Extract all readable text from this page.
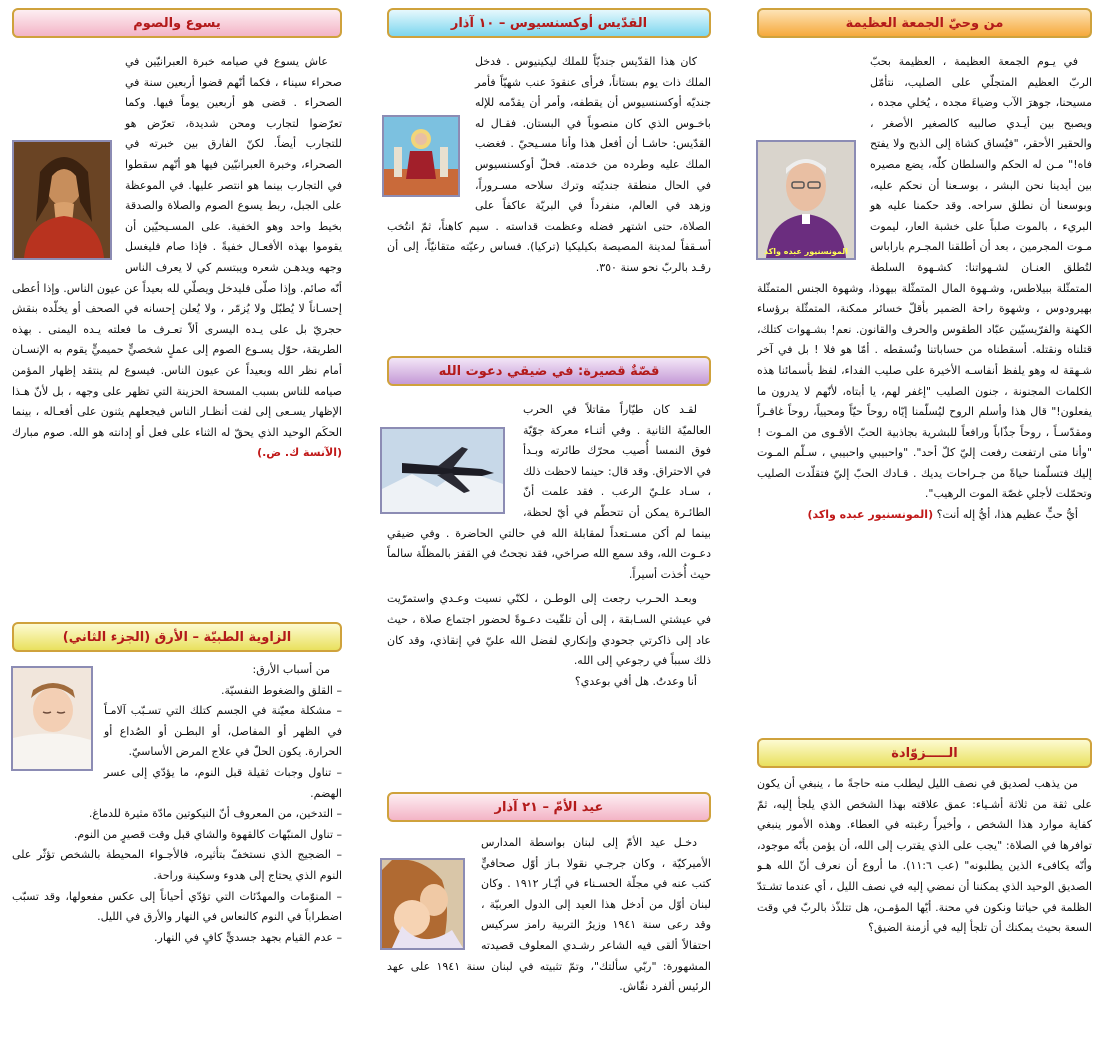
من وحيّ الجمعة العظيمة
المونسنيور عبده واكد

في يـوم الجمعة العظيمة ، العظيمة بحبّ الربّ العظيم المتجلّي على الصليب، نتأمّل مسيحنا، جوهرَ الآب وضياءَ مجده ، يُخلي مجده ، ويصبح بين أيـدي صالبيه كالصغير الأصغر ، والحقير الأحقر، "فيُساق كشاة إلى الذبح ولا يفتح فاه!" مـن له الحكم والسلطان كلّه، يضع مصيره بين أيدينا نحن البشر ، بوسـعنا أن نحكم عليه، وبوسعنا أن نطلق سراحه. وقد حكمنا عليه هو البريء ، بالموت صلباً على خشبة العار، ليموت مـوت المجرمين ، بعد أن أطلقنا المجـرم باراباس لتُطلق العنـان لشـهواتنا: كشـهوة السلطة المتمثّلة ببيلاطس، وشـهوة المال المتمثّلة بيهوذا، وشهوة الجنس المتمثّلة بهيرودوس ، وشهوة راحة الضمير بأقلّ خسائر ممكنة، المتمثّلة برؤساء الكهنة والفرّيسيّين عبّاد الطقوس والحرف والقانون. نعم! بشـهوات كتلك، قتلناه ونقتله. أسقطناه من حساباتنا ونُسقطه . أمّا هو فلا ! بل في آخر شـهقة له وهو يلفظ أنفاسـه الأخيرة على صليب الفداء، لفظ بأسمائنا هذه الكلمات المجنونة ، جنون الصليب "إغفر لهم، يا أبتاه، لأنّهم لا يدرون ما يفعلون!" قال هذا وأسلم الروح ليُسلّمنا إيّاه روحاً حيّاً ومحيياً، روحاً غافـراً ومقدّسـاً ، روحاً جذّاباً ورافعاً للبشرية بجاذبية الحبّ الأقـوى من المـوت ! "وأنا متى ارتفعت رفعت إليّ كلّ أحد". "واحبيبي واحبيبي ، سـلّم المـوت إليك فتسلّمنا حياةً من جـراحات يديك . قـادك الحبّ إليّ فتقلّدت الصليب وتحمّلت لأجلي غصّة الموت الرهيب".

أيُّ حبٍّ عظيم هذا، أيُّ إله أنت؟ (المونسنيور عبده واكد)

الـــــزوّادة

من يذهب لصديق في نصف الليل ليطلب منه حاجةً ما ، ينبغي أن يكون على ثقة من ثلاثة أشـياء: عمق علاقته بهذا الشخص الذي يلجأ إليه، ثمّ كفاية موارد هذا الشخص ، وأخيراً رغبته في العطاء. وهذه الأمور ينبغي توافرها في الصلاة: "يجب على الذي يقترب إلى الله، أن يؤمن بأنّه موجود، وأنّه يكافىء الذين يطلبونه" (عب ١١:٦). ما أروع أن نعرف أنّ الله هـو الصديق الوحيد الذي يمكننا أن نمضي إليه في نصف الليل ، أي عندما تشـتدّ الظلمة في حياتنا ونكون في محنة. أيّها المؤمـن، هل تتلذّذ بالربّ في وقت السعة بحيث يمكنك أن تلجأ إليه في أزمنة الضيق؟

القدّيس أوكسنسيوس – ١٠ آذار

كان هذا القدّيس جنديّاً للملك ليكينيوس . فدخل الملك ذات يوم بستاناً، فرأى عنقودَ عنب شهيّاً فأمر جنديّه أوكسنسيوس أن يقطفه، وأمر أن يقدّمه للإله باخـوس الذي كان منصوباً في البستان. فقـال له القدّيس: حاشـا أن أفعل هذا وأنا مسـيحيّ . فغضب الملك عليه وطرده من خدمته. فحلّ أوكسنسيوس في الحال منطقة جنديّته وترك سلاحه مسـروراً، وزهد في العالم، منفرداً في البريّة عاكفاً على الصلاة، حتى اشتهر فضله وعظمت قداسته . سيم كاهناً، ثمّ انتُخب أسـقفاً لمدينة المصيصة بكيليكيا (تركيا). فساس رعيّته متقانيّاً، إلى أن رقـد بالربّ نحو سنة ٣٥٠.

قصّةٌ قصيرة: في ضيقي دعوت الله

لقـد كان طيّاراً مقاتلاً في الحرب العالميّة الثانية . وفي أثنـاء معركة جوّيّة فوق النمسا أُصيب محرّك طائرته وبـدأ في الاحتراق. وقد قال: حينما لاحظت ذلك ، سـاد علـيّ الرعب . فقد علمت أنّ الطائـرة يمكن أن تتحطّم في أيّ لحظة، بينما لم أكن مسـتعداً لمقابلة الله في حالتي الحاضرة . وفي ضيقي دعـوت الله، وقد سمع الله صراخي، فقد نجحتُ في القفز بالمظلّة سالماً حيث أُخذت أسيراً.

وبعـد الحـرب رجعت إلى الوطـن ، لكنّي نسيت وعـدي واستمرّيت في عيشتي السـابقة ، إلى أن تلقّيت دعـوةً لحضور اجتماع صلاة ، حيث عاد إلى ذاكرتي جحودي وإنكاري لفضل الله عليّ في إنقاذي، وقد كان ذلك سبباً في رجوعي إلى الله.

أنا وعدتُ. هل أفي بوعدي؟

عيد الأمّ – ٢١ آذار

دخـل عيد الأمّ إلى لبنان بواسطة المدارس الأميركيّة ، وكان جرجـي نقولا بـاز أوّل صحافيٍّ كتب عنه في مجلّة الحسـناء في أيّـار ١٩١٢ . وكان لبنان أوّل من أدخل هذا العيد إلى الدول العربيّة ، وقد رعى سنة ١٩٤١ وزيرُ التربية رامز سركيس احتفالاً ألقى فيه الشاعر رشـدي المعلوف قصيدته المشهورة: "ربّي سألتك"، وتمّ تثبيته في لبنان سنة ١٩٤١ على عهد الرئيس ألفرد نقّاش.

يسوع والصوم

عاش يسوع في صيامه خبرة العبرانيّين في صحراء سيناء ، فكما أنّهم قضوا أربعين سنة في الصحراء . قضى هو أربعين يوماً فيها. وكما تعرّضوا لتجارب ومحن شديدة، تعرّض هو للتجارب أيضاً. لكنّ الفارق بين خبرته في الصحراء، وخبرة العبرانيّين فيها هو أنّهم سقطوا في التجارب بينما هو انتصر عليها. في الموعظة على الجبل، ربط يسوع الصوم والصلاة والصدقة بخيط واحد وهو الخفية. على المسـيحيّين أن يقوموا بهذه الأفعـال خفيةً . فإذا صام فليغسل وجهه ويدهـن شعره ويبتسم كي لا يعرف الناس أنّه صائم. وإذا صلّى فليدخل ويصلّي لله بعيداً عن عيون الناس. وإذا أعطى إحسـاناً لا يُطبّل ولا يُزمّر ، ولا يُعلن إحسانه في الصحف أو يخلّده بنقش حجريّ بل على يـده اليسرى ألاّ تعـرف ما فعلته يـده اليمنى . بهذه الطريقة، حوّل يسـوع الصوم إلى عملٍ شخصيٍّ حميميٍّ يقوم به الإنسـان أمام نظر الله وبعيداً عن عيون الناس. فيسوع لم ينتقد إظهار المؤمن صيامه للناس بسبب المسحة الحزينة التي تظهر على وجهه ، بل لأنّ هـذا الإظهار يسـعى إلى لفت أنظـار الناس فيجعلهم يثنون على أفعـاله ، بينما الحكَم الوحيد الذي يحقّ له الثناء على فعل أو إدانته هو الله. صوم مبارك (الآنسة ك. ض.)

الزاوية الطبيّة – الأرق (الجزء الثاني)

من أسباب الأرق:

– القلق والضغوط النفسيّة.

– مشكلة معيّنة في الجسم كتلك التي تسـبّب آلامـاً في الظهر أو المفاصل، أو البطـن أو الصُداع أو الحرارة. يكون الحلّ في علاج المرض الأساسيّ.

– تناول وجبات ثقيلة قبل النوم، ما يؤدّي إلى عسر الهضم.

– التدخين، من المعروف أنّ النيكوتين مادّة مثيرة للدماغ.

– تناول المنبّهات كالقهوة والشاي قبل وقت قصيرٍ من النوم.

– الضجيج الذي نستخفّ بتأثيره، فالأجـواء المحيطة بالشخص تؤثّر على النوم الذي يحتاج إلى هدوء وسكينة وراحة.

– المنوّمات والمهدّئات التي تؤدّي أحياناً إلى عكس مفعولها، وقد تسبّب اضطراباً في النوم كالنعاس في النهار والأرق في الليل.

– عدم القيام بجهد جسديٍّ كافٍ في النهار.
